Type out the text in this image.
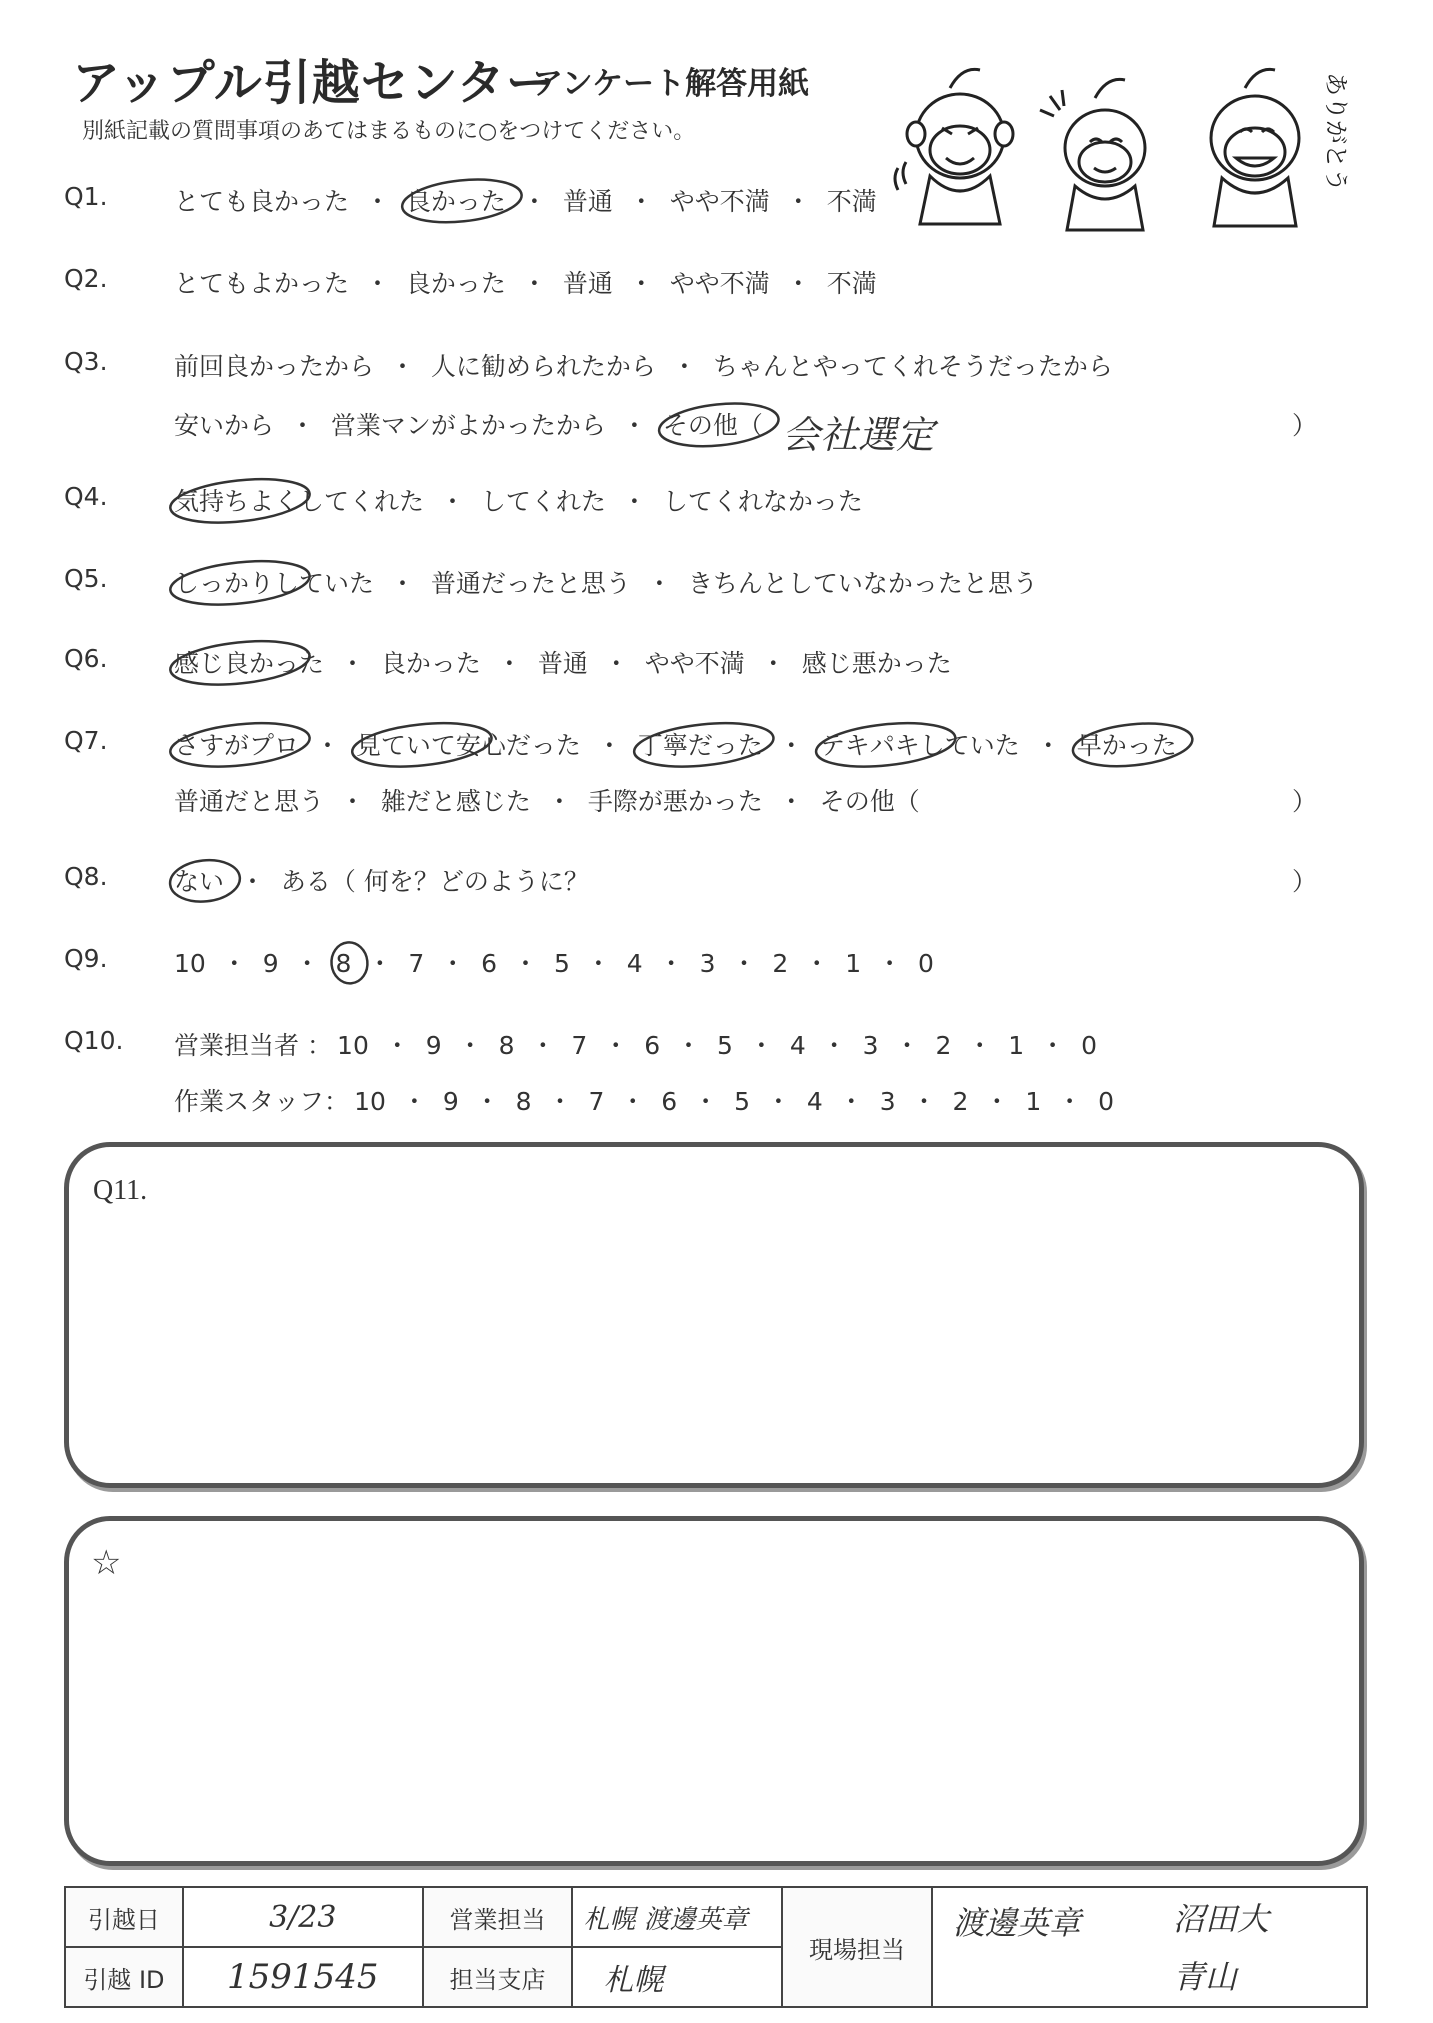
アップル引越センター
アンケート解答用紙
別紙記載の質問事項のあてはまるものに○をつけてください。	ありがとう
Q1.	とても良かった ・ 良かった ・ 普通 ・ やや不満 ・ 不満
Q2.	とてもよかった ・ 良かった ・ 普通 ・ やや不満 ・ 不満
Q3.	前回良かったから ・ 人に勧められたから ・ ちゃんとやってくれそうだったから
安いから ・ 営業マンがよかったから ・ その他（	）
Q4.	気持ちよくしてくれた ・ してくれた ・ してくれなかった
Q5.	しっかりしていた ・ 普通だったと思う ・ きちんとしていなかったと思う
Q6.	感じ良かった ・ 良かった ・ 普通 ・ やや不満 ・ 感じ悪かった
Q7.	さすがプロ ・ 見ていて安心だった ・ 丁寧だった ・ テキパキしていた ・ 早かった
普通だと思う ・ 雑だと感じた ・ 手際が悪かった ・ その他（	）
Q8.	ない ・ ある（ 何を？どのように？	）
Q9.	10 ・ 9 ・ 8 ・ 7 ・ 6 ・ 5 ・ 4 ・ 3 ・ 2 ・ 1 ・ 0
Q10. 営業担当者 ： 10 ・ 9 ・ 8 ・ 7 ・ 6 ・ 5 ・ 4 ・ 3 ・ 2 ・ 1 ・ 0
作業スタッフ： 10 ・ 9 ・ 8 ・ 7 ・ 6 ・ 5 ・ 4 ・ 3 ・ 2 ・ 1 ・ 0
会社選定
Q11.
☆
引越日	3/23	営業担当	札幌 渡邊英章	現場担当	渡邊英章 沼田大
青山

引越 ID	1591545	担当支店	札幌		
